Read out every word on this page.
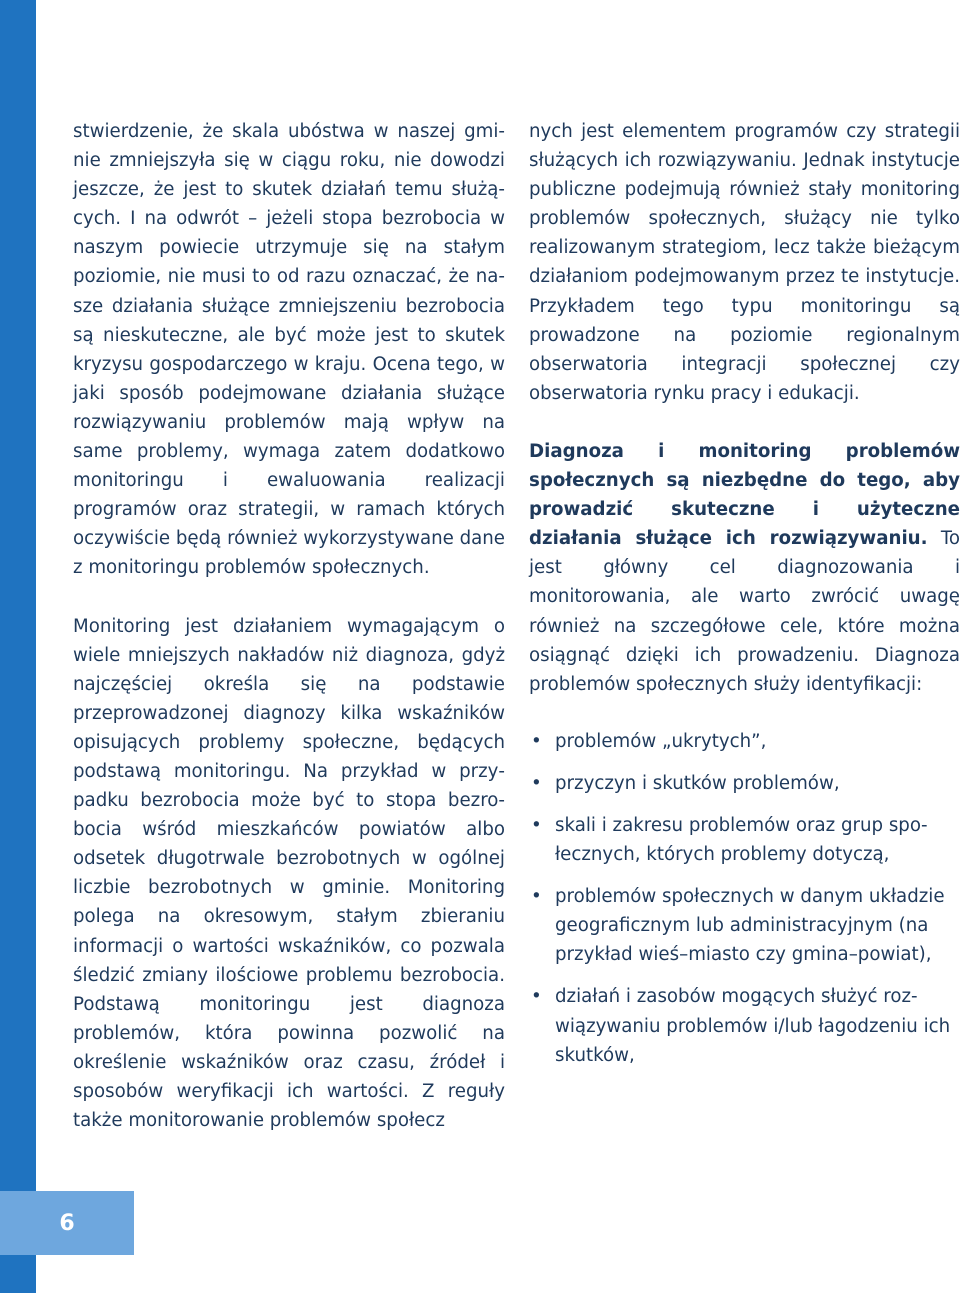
6

stwierdzenie, że skala ubóstwa w naszej gminie zmniejszyła się w ciągu roku, nie dowodzi jeszcze, że jest to skutek działań temu służących. I na odwrót – jeżeli stopa bezrobocia w naszym powiecie utrzymuje się na stałym poziomie, nie musi to od razu oznaczać, że nasze działania służące zmniejszeniu bezrobocia są nieskuteczne, ale być może jest to skutek kryzysu gospodarczego w kraju. Ocena tego, w jaki sposób podejmowane działania służące rozwiązywaniu problemów mają wpływ na same problemy, wymaga zatem dodatkowo monitoringu i ewaluowania realizacji programów oraz strategii, w ramach których oczywiście będą również wykorzystywane dane z monitoringu problemów społecznych.

Monitoring jest działaniem wymagającym o wiele mniejszych nakładów niż diagnoza, gdyż najczęściej określa się na podstawie przeprowadzonej diagnozy kilka wskaźników opisujących problemy społeczne, będących podstawą monitoringu. Na przykład w przypadku bezrobocia może być to stopa bezrobocia wśród mieszkańców powiatów albo odsetek długotrwale bezrobotnych w ogólnej liczbie bezrobotnych w gminie. Monitoring polega na okresowym, stałym zbieraniu informacji o wartości wskaźników, co pozwala śledzić zmiany ilościowe problemu bezrobocia. Podstawą monitoringu jest diagnoza problemów, która powinna pozwolić na określenie wskaźników oraz czasu, źródeł i sposobów weryfikacji ich wartości. Z reguły także monitorowanie problemów społecz

nych jest elementem programów czy strategii służących ich rozwiązywaniu. Jednak instytucje publiczne podejmują również stały monitoring problemów społecznych, służący nie tylko realizowanym strategiom, lecz także bieżącym działaniom podejmowanym przez te instytucje. Przykładem tego typu monitoringu są prowadzone na poziomie regionalnym obserwatoria integracji społecznej czy obserwatoria rynku pracy i edukacji.

Diagnoza i monitoring problemów społecznych są niezbędne do tego, aby prowadzić skuteczne i użyteczne działania służące ich rozwiązywaniu. To jest główny cel diagnozowania i monitorowania, ale warto zwrócić uwagę również na szczegółowe cele, które można osiągnąć dzięki ich prowadzeniu. Diagnoza problemów społecznych służy identyfikacji:

• problemów „ukrytych”,
• przyczyn i skutków problemów,
• skali i zakresu problemów oraz grup społecznych, których problemy dotyczą,
• problemów społecznych w danym układzie geograficznym lub administracyjnym (na przykład wieś–miasto czy gmina–powiat),
• działań i zasobów mogących służyć rozwiązywaniu problemów i/lub łagodzeniu ich skutków,
